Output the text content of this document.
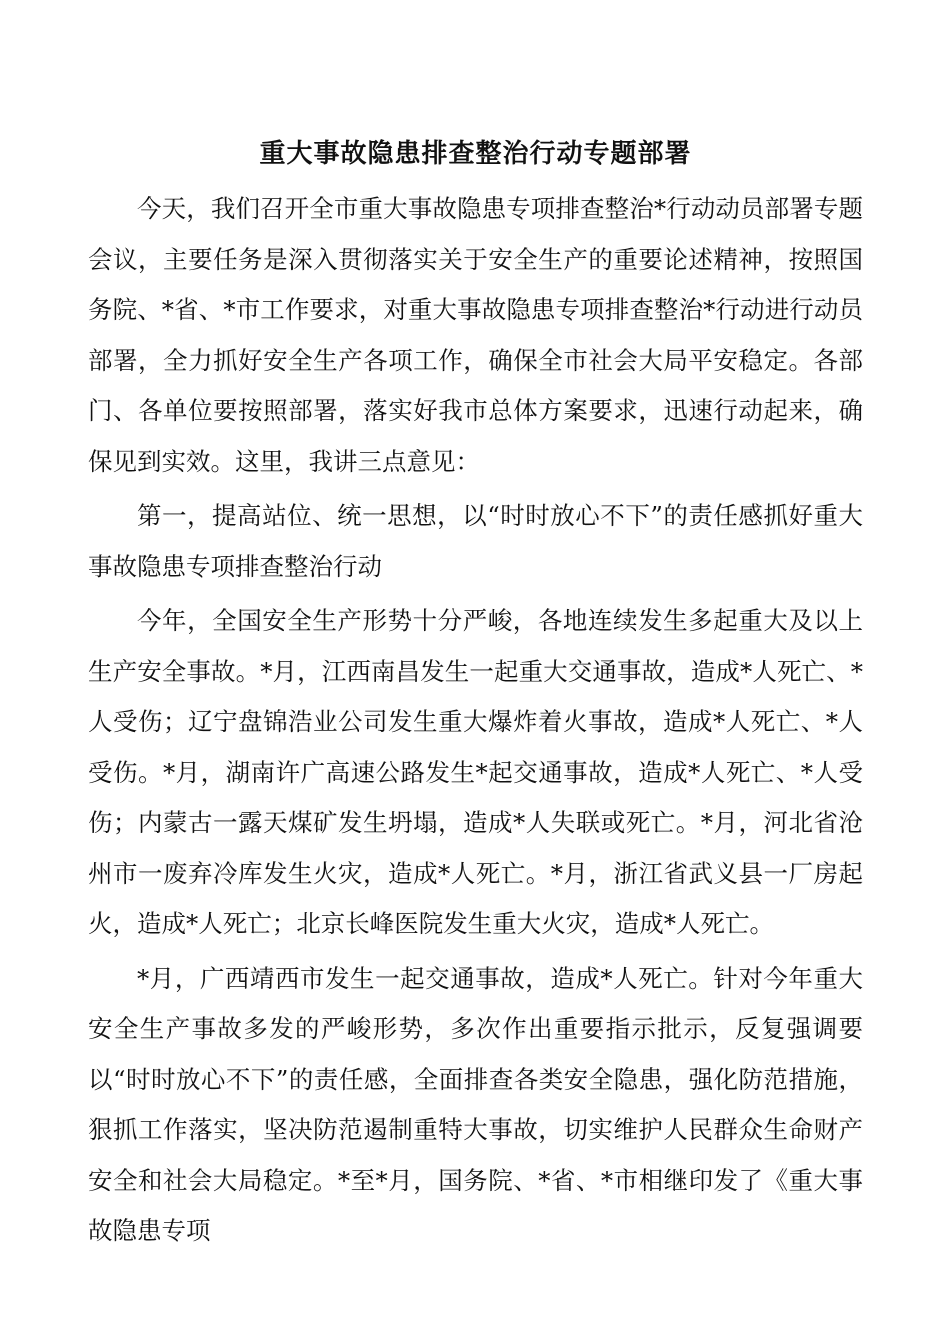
重大事故隐患排查整治行动专题部署

今天，我们召开全市重大事故隐患专项排查整治*行动动员部署专题会议，主要任务是深入贯彻落实关于安全生产的重要论述精神，按照国务院、*省、*市工作要求，对重大事故隐患专项排查整治*行动进行动员部署，全力抓好安全生产各项工作，确保全市社会大局平安稳定。各部门、各单位要按照部署，落实好我市总体方案要求，迅速行动起来，确保见到实效。这里，我讲三点意见：

第一，提高站位、统一思想，以“时时放心不下”的责任感抓好重大事故隐患专项排查整治行动

今年，全国安全生产形势十分严峻，各地连续发生多起重大及以上生产安全事故。*月，江西南昌发生一起重大交通事故，造成*人死亡、*人受伤；辽宁盘锦浩业公司发生重大爆炸着火事故，造成*人死亡、*人受伤。*月，湖南许广高速公路发生*起交通事故，造成*人死亡、*人受伤；内蒙古一露天煤矿发生坍塌，造成*人失联或死亡。*月，河北省沧州市一废弃冷库发生火灾，造成*人死亡。*月，浙江省武义县一厂房起火，造成*人死亡；北京长峰医院发生重大火灾，造成*人死亡。

*月，广西靖西市发生一起交通事故，造成*人死亡。针对今年重大安全生产事故多发的严峻形势，多次作出重要指示批示，反复强调要以“时时放心不下”的责任感，全面排查各类安全隐患，强化防范措施，狠抓工作落实，坚决防范遏制重特大事故，切实维护人民群众生命财产安全和社会大局稳定。*至*月，国务院、*省、*市相继印发了《重大事故隐患专项
